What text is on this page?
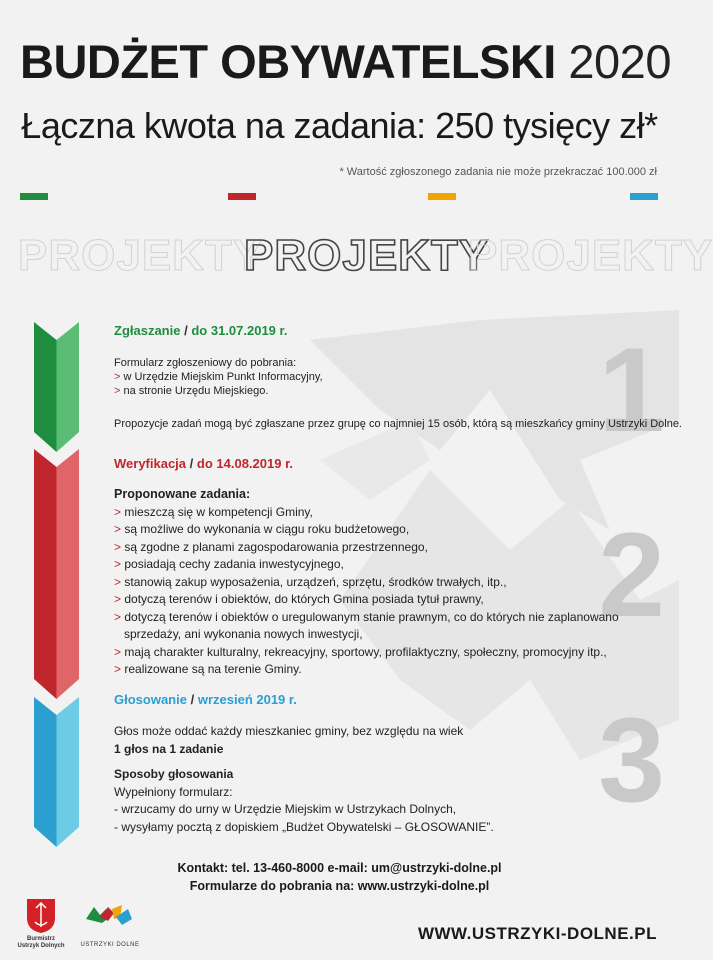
BUDŻET OBYWATELSKI 2020
Łączna kwota na zadania: 250 tysięcy zł*
* Wartość zgłoszonego zadania nie może przekraczać 100.000 zł
PROJEKTY
PROJEKTY
PROJEKTY
1
2
3
Zgłaszanie / do 31.07.2019 r.
Formularz zgłoszeniowy do pobrania:
> w Urzędzie Miejskim Punkt Informacyjny,
> na stronie Urzędu Miejskiego.
Propozycje zadań mogą być zgłaszane przez grupę co najmniej 15 osób, którą są mieszkańcy gminy Ustrzyki Dolne.
Weryfikacja / do 14.08.2019 r.
Proponowane zadania:
> mieszczą się w kompetencji Gminy,
> są możliwe do wykonania w ciągu roku budżetowego,
> są zgodne z planami zagospodarowania przestrzennego,
> posiadają cechy zadania inwestycyjnego,
> stanowią zakup wyposażenia, urządzeń, sprzętu, środków trwałych, itp.,
> dotyczą terenów i obiektów, do których Gmina posiada tytuł prawny,
> dotyczą terenów i obiektów o uregulowanym stanie prawnym, co do których nie zaplanowano
sprzedaży, ani wykonania nowych inwestycji,
> mają charakter kulturalny, rekreacyjny, sportowy, profilaktyczny, społeczny, promocyjny itp.,
> realizowane są na terenie Gminy.
Głosowanie / wrzesień 2019 r.
Głos może oddać każdy mieszkaniec gminy, bez względu na wiek
1 głos na 1 zadanie
Sposoby głosowania
Wypełniony formularz:
- wrzucamy do urny w Urzędzie Miejskim w Ustrzykach Dolnych,
- wysyłamy pocztą z dopiskiem „Budżet Obywatelski – GŁOSOWANIE”.
Kontakt: tel. 13-460-8000 e-mail: um@ustrzyki-dolne.pl
Formularze do pobrania na: www.ustrzyki-dolne.pl
Burmistrz
Ustrzyk Dolnych	USTRZYKI DOLNE
WWW.USTRZYKI-DOLNE.PL
